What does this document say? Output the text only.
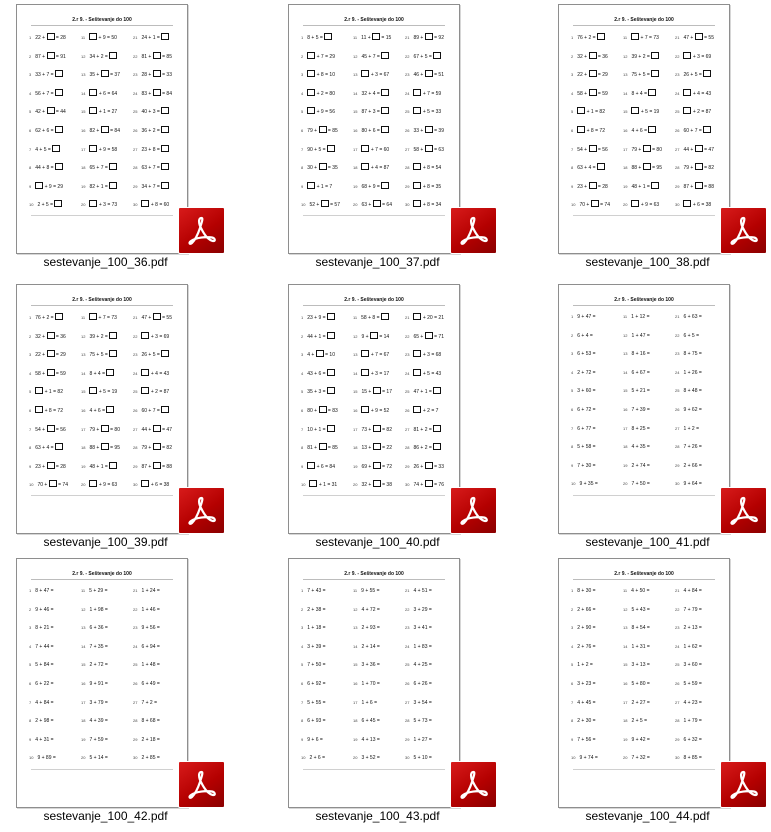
2.r 9. - Seštevanje do 100
1 22 +  = 28	11 + 9 = 50	21 24 + 1 =
2 87 +  = 91	12 34 + 2 =	22 81 +  = 85
3 33 + 7 =	13 35 +  = 37	23 28 +  = 33
4 56 + 7 =	14 + 6 = 64	24 83 +  = 84
5 42 +  = 44	15 + 1 = 27	25 40 + 3 =
6 62 + 6 =	16 82 +  = 84	26 36 + 2 =
7 4 + 5 =	17 + 9 = 58	27 23 + 8 =
8 44 + 8 =	18 65 + 7 =	28 63 + 7 =
9 + 9 = 29	19 82 + 1 =	29 34 + 7 =
10 2 + 5 =	20 + 3 = 73	30 + 8 = 60
sestevanje_100_36.pdf
2.r 9. - Seštevanje do 100
1 8 + 5 =	11 11 +  = 15	21 89 +  = 92
2 + 7 = 29	12 45 + 7 =	22 67 + 5 =
3 + 8 = 10	13 + 3 = 67	23 46 +  = 51
4 + 2 = 80	14 32 + 4 =	24 + 7 = 59
5 + 9 = 56	15 87 + 3 =	25 + 5 = 33
6 79 +  = 85	16 80 + 6 =	26 33 +  = 39
7 90 + 5 =	17 + 7 = 60	27 58 +  = 63
8 30 +  = 35	18 + 4 = 87	28 + 8 = 54
9 + 1 = 7	19 68 + 9 =	29 + 8 = 35
10 52 +  = 57	20 63 +  = 64	30 + 8 = 34
sestevanje_100_37.pdf
2.r 9. - Seštevanje do 100
1 76 + 2 =	11 + 7 = 73	21 47 +  = 55
2 32 +  = 36	12 39 + 2 =	22 + 3 = 69
3 22 +  = 29	13 75 + 5 =	23 26 + 5 =
4 58 +  = 59	14 8 + 4 =	24 + 4 = 43
5 + 1 = 82	15 + 5 = 19	25 + 2 = 87
6 + 8 = 72	16 4 + 6 =	26 60 + 7 =
7 54 +  = 56	17 79 +  = 80	27 44 +  = 47
8 63 + 4 =	18 88 +  = 95	28 79 +  = 82
9 23 +  = 28	19 48 + 1 =	29 87 +  = 88
10 70 +  = 74	20 + 9 = 63	30 + 6 = 38
sestevanje_100_38.pdf
2.r 9. - Seštevanje do 100
1 76 + 2 =	11 + 7 = 73	21 47 +  = 55
2 32 +  = 36	12 39 + 2 =	22 + 3 = 69
3 22 +  = 29	13 75 + 5 =	23 26 + 5 =
4 58 +  = 59	14 8 + 4 =	24 + 4 = 43
5 + 1 = 82	15 + 5 = 19	25 + 2 = 87
6 + 8 = 72	16 4 + 6 =	26 60 + 7 =
7 54 +  = 56	17 79 +  = 80	27 44 +  = 47
8 63 + 4 =	18 88 +  = 95	28 79 +  = 82
9 23 +  = 28	19 48 + 1 =	29 87 +  = 88
10 70 +  = 74	20 + 9 = 63	30 + 6 = 38
sestevanje_100_39.pdf
2.r 9. - Seštevanje do 100
1 23 + 9 =	11 58 + 8 =	21 + 20 = 21
2 44 + 1 =	12 9 +  = 14	22 65 +  = 71
3 4 +  = 10	13 + 7 = 67	23 + 3 = 68
4 43 + 6 =	14 + 3 = 17	24 + 5 = 43
5 35 + 3 =	15 15 +  = 17	25 47 + 1 =
6 80 +  = 83	16 + 9 = 52	26 + 2 = 7
7 10 + 1 =	17 73 +  = 82	27 81 + 2 =
8 81 +  = 85	18 13 +  = 22	28 86 + 2 =
9 + 6 = 84	19 69 +  = 72	29 26 +  = 33
10 + 1 = 31	20 32 +  = 38	30 74 +  = 76
sestevanje_100_40.pdf
2.r 9. - Seštevanje do 100
1 9 + 47 =	11 1 + 12 =	21 6 + 63 =
2 6 + 4 =	12 1 + 47 =	22 6 + 5 =
3 6 + 53 =	13 8 + 16 =	23 8 + 75 =
4 2 + 72 =	14 6 + 67 =	24 1 + 26 =
5 3 + 60 =	15 5 + 21 =	25 8 + 48 =
6 6 + 72 =	16 7 + 39 =	26 9 + 62 =
7 6 + 77 =	17 8 + 25 =	27 1 + 2 =
8 5 + 58 =	18 4 + 35 =	28 7 + 26 =
9 7 + 30 =	19 2 + 74 =	29 2 + 66 =
10 9 + 35 =	20 7 + 50 =	30 9 + 64 =
sestevanje_100_41.pdf
2.r 9. - Seštevanje do 100
1 8 + 47 =	11 5 + 29 =	21 1 + 24 =
2 9 + 46 =	12 1 + 98 =	22 1 + 46 =
3 8 + 21 =	13 6 + 36 =	23 9 + 56 =
4 7 + 44 =	14 7 + 35 =	24 6 + 94 =
5 5 + 84 =	15 2 + 72 =	25 1 + 48 =
6 6 + 22 =	16 9 + 91 =	26 6 + 49 =
7 4 + 84 =	17 3 + 79 =	27 7 + 2 =
8 2 + 98 =	18 4 + 39 =	28 8 + 68 =
9 4 + 31 =	19 7 + 59 =	29 2 + 18 =
10 9 + 89 =	20 5 + 14 =	30 2 + 85 =
sestevanje_100_42.pdf
2.r 9. - Seštevanje do 100
1 7 + 43 =	11 9 + 55 =	21 4 + 51 =
2 2 + 38 =	12 4 + 72 =	22 3 + 29 =
3 1 + 18 =	13 2 + 93 =	23 3 + 41 =
4 3 + 39 =	14 2 + 14 =	24 1 + 83 =
5 7 + 50 =	15 3 + 36 =	25 4 + 25 =
6 6 + 92 =	16 1 + 70 =	26 6 + 26 =
7 5 + 55 =	17 1 + 6 =	27 3 + 54 =
8 6 + 93 =	18 6 + 45 =	28 5 + 73 =
9 9 + 6 =	19 4 + 13 =	29 1 + 27 =
10 2 + 6 =	20 3 + 52 =	30 5 + 10 =
sestevanje_100_43.pdf
2.r 9. - Seštevanje do 100
1 8 + 30 =	11 4 + 50 =	21 4 + 84 =
2 2 + 66 =	12 5 + 43 =	22 7 + 79 =
3 2 + 90 =	13 8 + 54 =	23 2 + 13 =
4 2 + 76 =	14 1 + 31 =	24 1 + 62 =
5 1 + 2 =	15 3 + 13 =	25 3 + 60 =
6 3 + 23 =	16 5 + 80 =	26 5 + 59 =
7 4 + 45 =	17 2 + 27 =	27 4 + 23 =
8 2 + 30 =	18 2 + 5 =	28 1 + 79 =
9 7 + 56 =	19 9 + 42 =	29 6 + 32 =
10 9 + 74 =	20 7 + 32 =	30 8 + 85 =
sestevanje_100_44.pdf
